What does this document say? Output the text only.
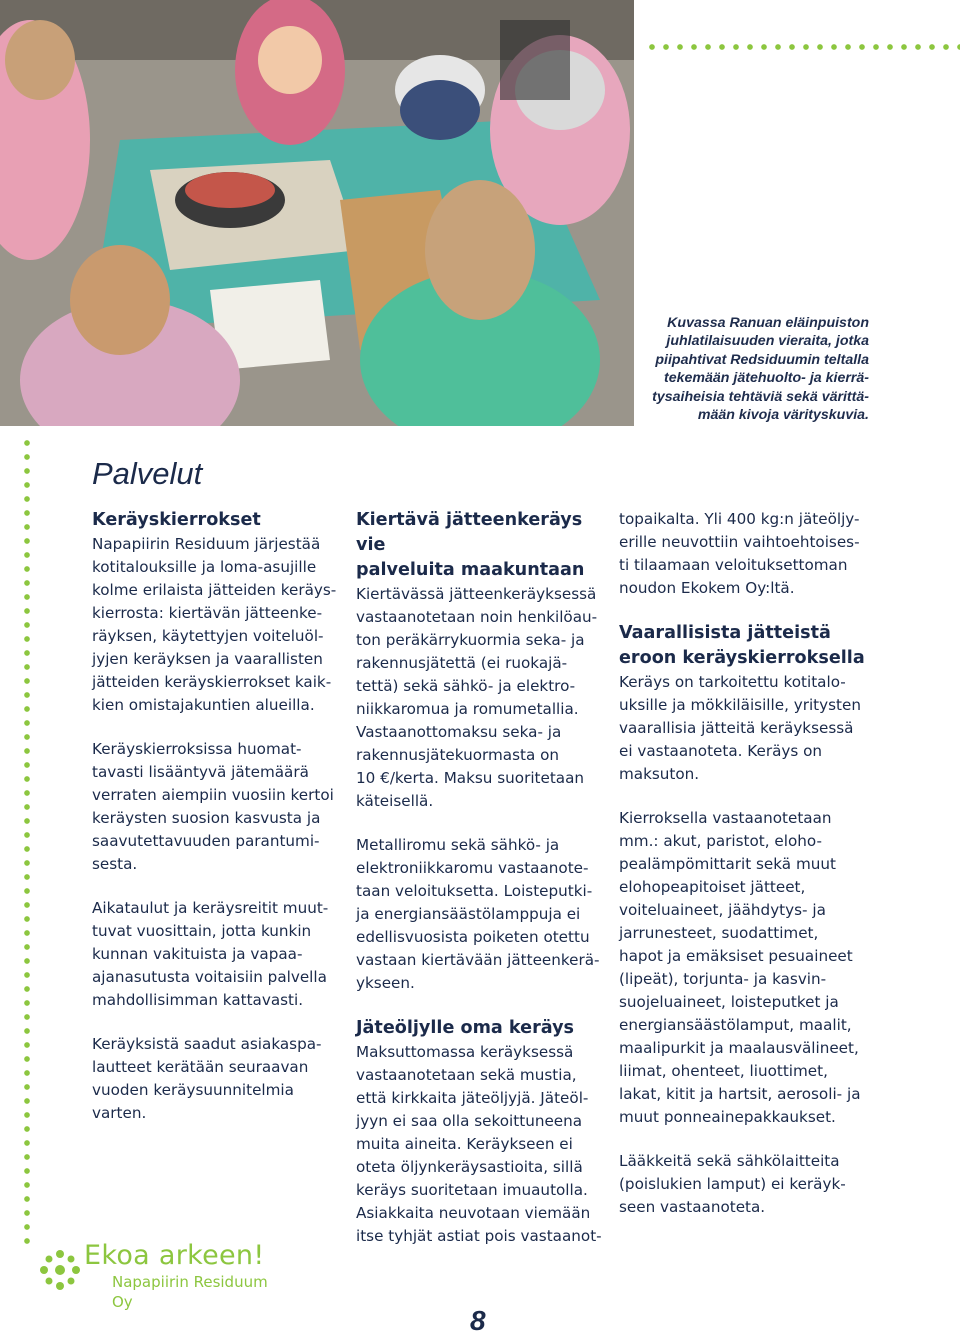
Kuvassa Ranuan eläinpuiston
juhlatilaisuuden vieraita, jotka
piipahtivat Redsiduumin teltalla
tekemään jätehuolto- ja kierrä-
tysaiheisia tehtäviä sekä värittä-
mään kivoja värityskuvia.

Palvelut
Keräyskierrokset

Napapiirin Residuum järjestää
kotitalouksille ja loma-asujille
kolme erilaista jätteiden keräys-
kierrosta: kiertävän jätteenke-
räyksen, käytettyjen voiteluöl-
jyjen keräyksen ja vaarallisten
jätteiden keräyskierrokset kaik-
kien omistajakuntien alueilla.

Keräyskierroksissa huomat-
tavasti lisääntyvä jätemäärä
verraten aiempiin vuosiin kertoi
keräysten suosion kasvusta ja
saavutettavuuden parantumi-
sesta.

Aikataulut ja keräysreitit muut-
tuvat vuosittain, jotta kunkin
kunnan vakituista ja vapaa-
ajanasutusta voitaisiin palvella
mahdollisimman kattavasti.

Keräyksistä saadut asiakaspa-
lautteet kerätään seuraavan
vuoden keräysuunnitelmia
varten.

Kiertävä jätteenkeräys vie
palveluita maakuntaan

Kiertävässä jätteenkeräyksessä
vastaanotetaan noin henkilöau-
ton peräkärrykuormia seka- ja
rakennusjätettä (ei ruokajä-
tettä) sekä sähkö- ja elektro-
niikkaromua ja romumetallia.
Vastaanottomaksu seka- ja
rakennusjätekuormasta on
10 €/kerta. Maksu suoritetaan
käteisellä.

Metalliromu sekä sähkö- ja
elektroniikkaromu vastaanote-
taan veloituksetta. Loisteputki-
ja energiansäästölamppuja ei
edellisvuosista poiketen otettu
vastaan kiertävään jätteenkerä-
ykseen.

Jäteöljylle oma keräys

Maksuttomassa keräyksessä
vastaanotetaan sekä mustia,
että kirkkaita jäteöljyjä. Jäteöl-
jyyn ei saa olla sekoittuneena
muita aineita. Keräykseen ei
oteta öljynkeräysastioita, sillä
keräys suoritetaan imuautolla.
Asiakkaita neuvotaan viemään
itse tyhjät astiat pois vastaanot-

topaikalta. Yli 400 kg:n jäteöljy-
erille neuvottiin vaihtoehtoises-
ti tilaamaan veloituksettoman
noudon Ekokem Oy:ltä.

Vaarallisista jätteistä
eroon keräyskierroksella

Keräys on tarkoitettu kotitalo-
uksille ja mökkiläisille, yritysten
vaarallisia jätteitä keräyksessä
ei vastaanoteta. Keräys on
maksuton.

Kierroksella vastaanotetaan
mm.: akut, paristot, eloho-
pealämpömittarit sekä muut
elohopeapitoiset jätteet,
voiteluaineet, jäähdytys- ja
jarrunesteet, suodattimet,
hapot ja emäksiset pesuaineet
(lipeät), torjunta- ja kasvin-
suojeluaineet, loisteputket ja
energiansäästölamput, maalit,
maalipurkit ja maalausvälineet,
liimat, ohenteet, liuottimet,
lakat, kitit ja hartsit, aerosoli- ja
muut ponneainepakkaukset.

Lääkkeitä sekä sähkölaitteita
(poislukien lamput) ei keräyk-
seen vastaanoteta.

Ekoa arkeen!

Napapiirin Residuum Oy

8
